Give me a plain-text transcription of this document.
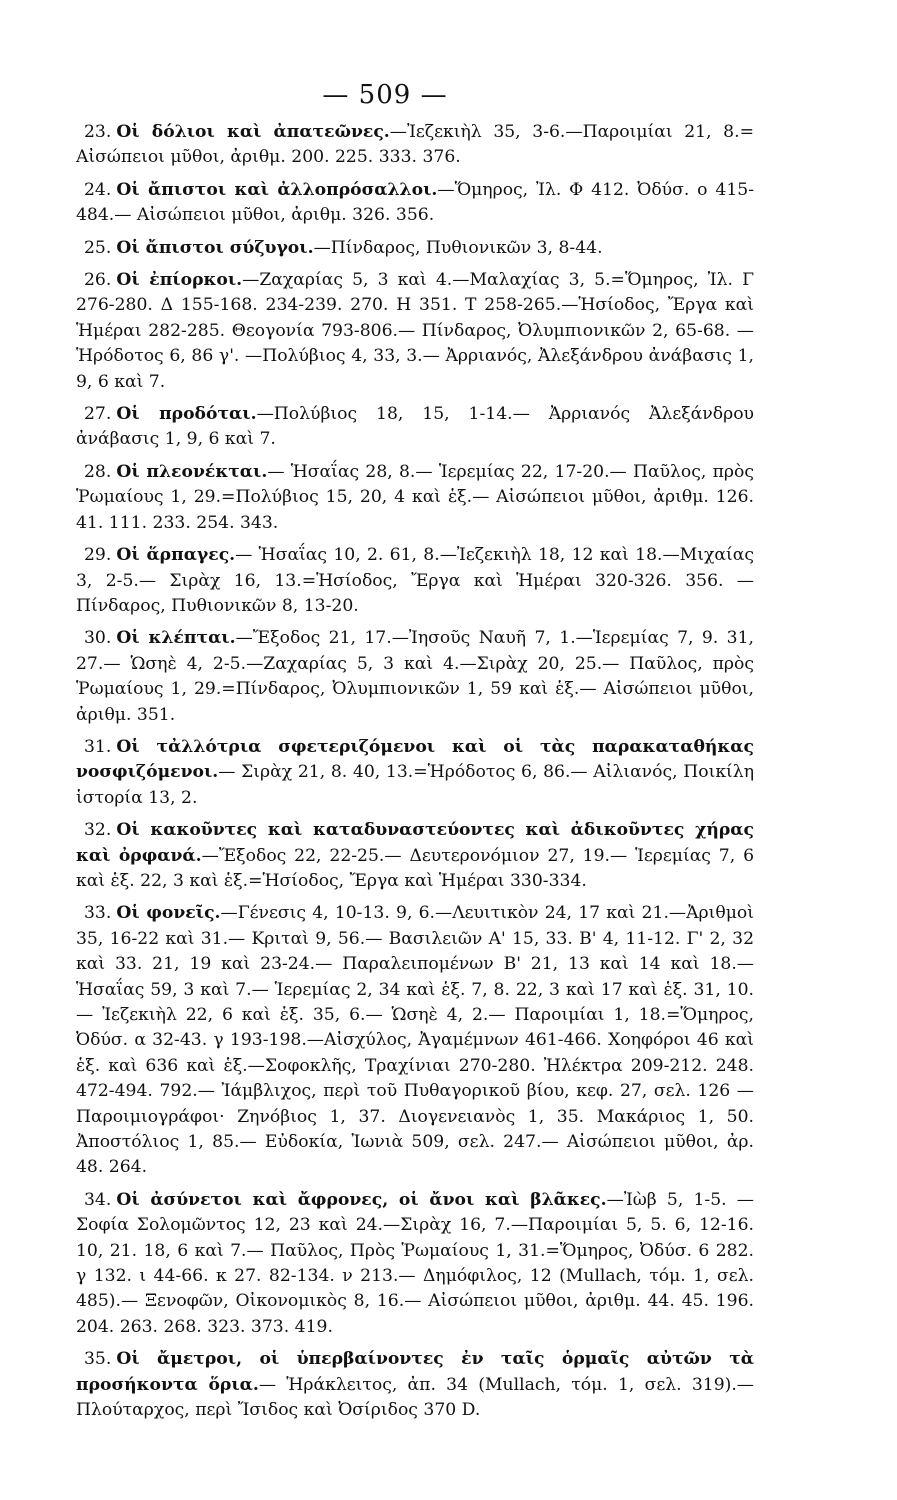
— 509 —

23. Οἱ δόλιοι καὶ ἀπατεῶνες.—Ἰεζεκιὴλ 35, 3-6.—Παροιμίαι 21, 8.= Αἰσώπειοι μῦθοι, ἀριθμ. 200. 225. 333. 376.

24. Οἱ ἄπιστοι καὶ ἀλλοπρόσαλλοι.—Ὅμηρος, Ἰλ. Φ 412. Ὀδύσ. ο 415-484.— Αἰσώπειοι μῦθοι, ἀριθμ. 326. 356.

25. Οἱ ἄπιστοι σύζυγοι.—Πίνδαρος, Πυθιονικῶν 3, 8-44.

26. Οἱ ἐπίορκοι.—Ζαχαρίας 5, 3 καὶ 4.—Μαλαχίας 3, 5.=Ὅμηρος, Ἰλ. Γ 276-280. Δ 155-168. 234-239. 270. Η 351. Τ 258-265.—Ἡσίοδος, Ἔργα καὶ Ἡμέραι 282-285. Θεογονία 793-806.— Πίνδαρος, Ὀλυμπιονικῶν 2, 65-68. —Ἡρόδοτος 6, 86 γ'. —Πολύβιος 4, 33, 3.— Ἀρριανός, Ἀλεξάνδρου ἀνάβασις 1, 9, 6 καὶ 7.

27. Οἱ προδόται.—Πολύβιος 18, 15, 1-14.— Ἀρριανός Ἀλεξάνδρου ἀνάβασις 1, 9, 6 καὶ 7.

28. Οἱ πλεονέκται.— Ἡσαΐας 28, 8.— Ἱερεμίας 22, 17-20.— Παῦλος, πρὸς Ῥωμαίους 1, 29.=Πολύβιος 15, 20, 4 καὶ ἑξ.— Αἰσώπειοι μῦθοι, ἀριθμ. 126. 41. 111. 233. 254. 343.

29. Οἱ ἅρπαγες.— Ἡσαΐας 10, 2. 61, 8.—Ἰεζεκιὴλ 18, 12 καὶ 18.—Μιχαίας 3, 2-5.— Σιρὰχ 16, 13.=Ἡσίοδος, Ἔργα καὶ Ἡμέραι 320-326. 356. —Πίνδαρος, Πυθιονικῶν 8, 13-20.

30. Οἱ κλέπται.—Ἔξοδος 21, 17.—Ἰησοῦς Ναυῆ 7, 1.—Ἱερεμίας 7, 9. 31, 27.— Ὡσηὲ 4, 2-5.—Ζαχαρίας 5, 3 καὶ 4.—Σιρὰχ 20, 25.— Παῦλος, πρὸς Ῥωμαίους 1, 29.=Πίνδαρος, Ὀλυμπιονικῶν 1, 59 καὶ ἑξ.— Αἰσώπειοι μῦθοι, ἀριθμ. 351.

31. Οἱ τἀλλότρια σφετεριζόμενοι καὶ οἱ τὰς παρακαταθήκας νοσφιζόμενοι.— Σιρὰχ 21, 8. 40, 13.=Ἡρόδοτος 6, 86.— Αἰλιανός, Ποικίλη ἱστορία 13, 2.

32. Οἱ κακοῦντες καὶ καταδυναστεύοντες καὶ ἀδικοῦντες χήρας καὶ ὀρφανά.—Ἔξοδος 22, 22-25.— Δευτερονόμιον 27, 19.— Ἱερεμίας 7, 6 καὶ ἑξ. 22, 3 καὶ ἑξ.=Ἡσίοδος, Ἔργα καὶ Ἡμέραι 330-334.

33. Οἱ φονεῖς.—Γένεσις 4, 10-13. 9, 6.—Λευιτικὸν 24, 17 καὶ 21.—Ἀριθμοὶ 35, 16-22 καὶ 31.— Κριταὶ 9, 56.— Βασιλειῶν Α' 15, 33. Β' 4, 11-12. Γ' 2, 32 καὶ 33. 21, 19 καὶ 23-24.— Παραλειπομένων Β' 21, 13 καὶ 14 καὶ 18.— Ἡσαΐας 59, 3 καὶ 7.— Ἱερεμίας 2, 34 καὶ ἑξ. 7, 8. 22, 3 καὶ 17 καὶ ἑξ. 31, 10. — Ἰεζεκιὴλ 22, 6 καὶ ἑξ. 35, 6.— Ὡσηὲ 4, 2.— Παροιμίαι 1, 18.=Ὅμηρος, Ὀδύσ. α 32-43. γ 193-198.—Αἰσχύλος, Ἀγαμέμνων 461-466. Χοηφόροι 46 καὶ ἑξ. καὶ 636 καὶ ἑξ.—Σοφοκλῆς, Τραχίνιαι 270-280. Ἠλέκτρα 209-212. 248. 472-494. 792.— Ἰάμβλιχος, περὶ τοῦ Πυθαγορικοῦ βίου, κεφ. 27, σελ. 126 — Παροιμιογράφοι· Ζηνόβιος 1, 37. Διογενειανὸς 1, 35. Μακάριος 1, 50. Ἀποστόλιος 1, 85.— Εὐδοκία, Ἰωνιὰ 509, σελ. 247.— Αἰσώπειοι μῦθοι, ἀρ. 48. 264.

34. Οἱ ἀσύνετοι καὶ ἄφρονες, οἱ ἄνοι καὶ βλᾶκες.—Ἰὼβ 5, 1-5. —Σοφία Σολομῶντος 12, 23 καὶ 24.—Σιρὰχ 16, 7.—Παροιμίαι 5, 5. 6, 12-16. 10, 21. 18, 6 καὶ 7.— Παῦλος, Πρὸς Ῥωμαίους 1, 31.=Ὅμηρος, Ὀδύσ. 6 282. γ 132. ι 44-66. κ 27. 82-134. ν 213.— Δημόφιλος, 12 (Mullach, τόμ. 1, σελ. 485).— Ξενοφῶν, Οἰκονομικὸς 8, 16.— Αἰσώπειοι μῦθοι, ἀριθμ. 44. 45. 196. 204. 263. 268. 323. 373. 419.

35. Οἱ ἄμετροι, οἱ ὑπερβαίνοντες ἐν ταῖς ὁρμαῖς αὐτῶν τὰ προσήκοντα ὅρια.— Ἡράκλειτος, ἀπ. 34 (Mullach, τόμ. 1, σελ. 319).— Πλούταρχος, περὶ Ἴσιδος καὶ Ὀσίριδος 370 D.
